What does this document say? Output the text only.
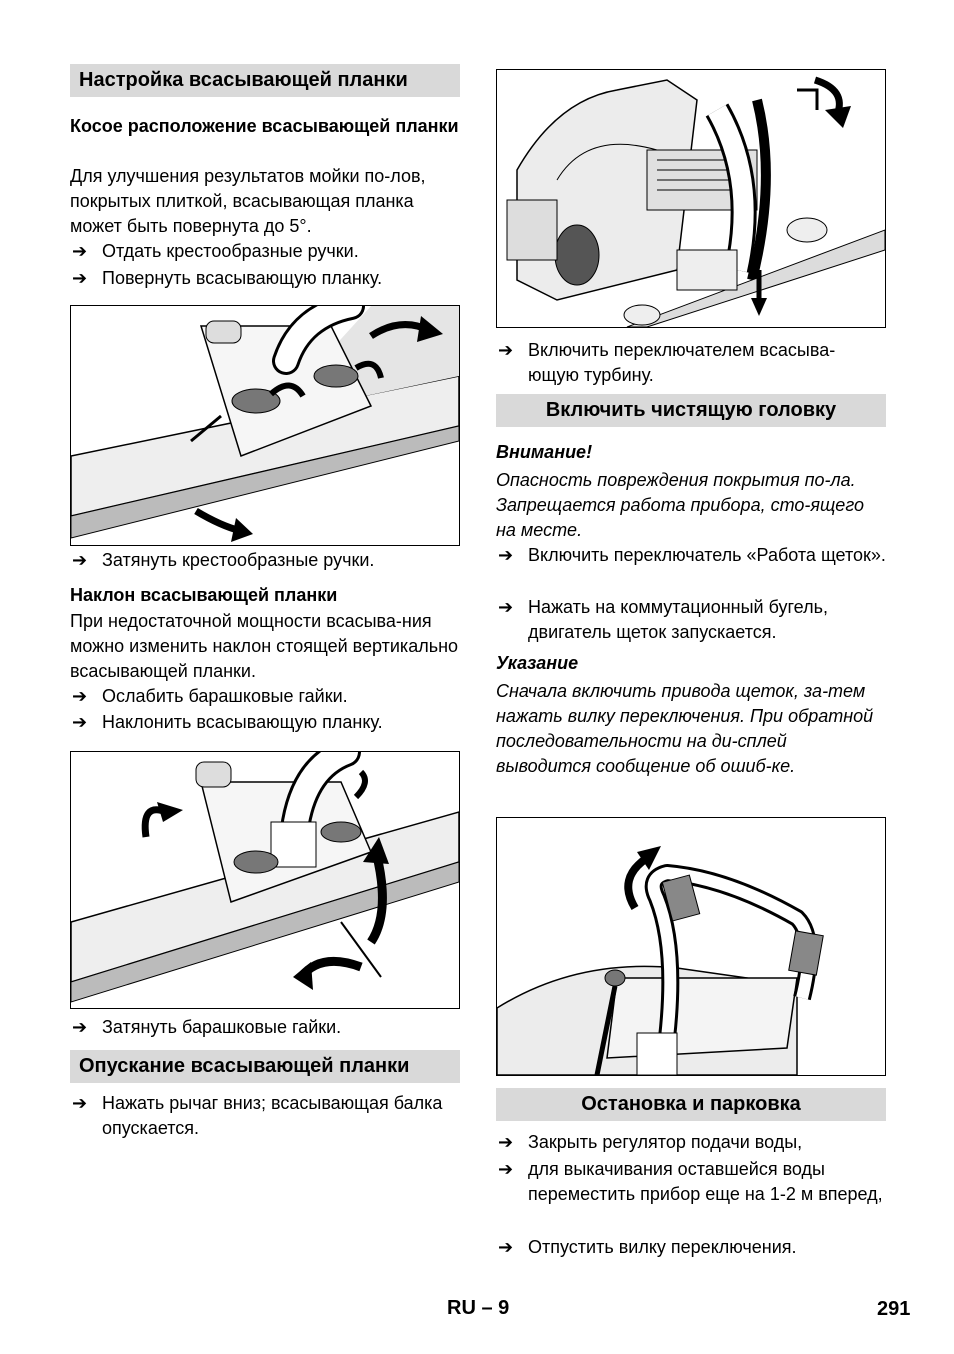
Настройка всасывающей планки
Косое расположение всасывающей планки
Для улучшения результатов мойки по-лов, покрытых плиткой, всасывающая планка может быть повернута до 5°.
➔ Отдать крестообразные ручки.
➔ Повернуть всасывающую планку.
➔ Затянуть крестообразные ручки.
Наклон всасывающей планки
При недостаточной мощности всасыва-ния можно изменить наклон стоящей вертикально всасывающей планки.
➔ Ослабить барашковые гайки.
➔ Наклонить всасывающую планку.
➔ Затянуть барашковые гайки.
Опускание всасывающей планки
➔ Нажать рычаг вниз; всасывающая балка опускается.
➔ Включить переключателем всасыва-ющую турбину.
Включить чистящую головку
Внимание!
Опасность повреждения покрытия по-ла. Запрещается работа прибора, сто-ящего на месте.
➔ Включить переключатель «Работа щеток».
➔ Нажать на коммутационный бугель, двигатель щеток запускается.
Указание
Сначала включить привода щеток, за-тем нажать вилку переключения. При обратной последовательности на ди-сплей выводится сообщение об ошиб-ке.
Остановка и парковка
➔ Закрыть регулятор подачи воды,
➔ для выкачивания оставшейся воды переместить прибор еще на 1-2 м вперед,
➔ Отпустить вилку переключения.
RU – 9	291
